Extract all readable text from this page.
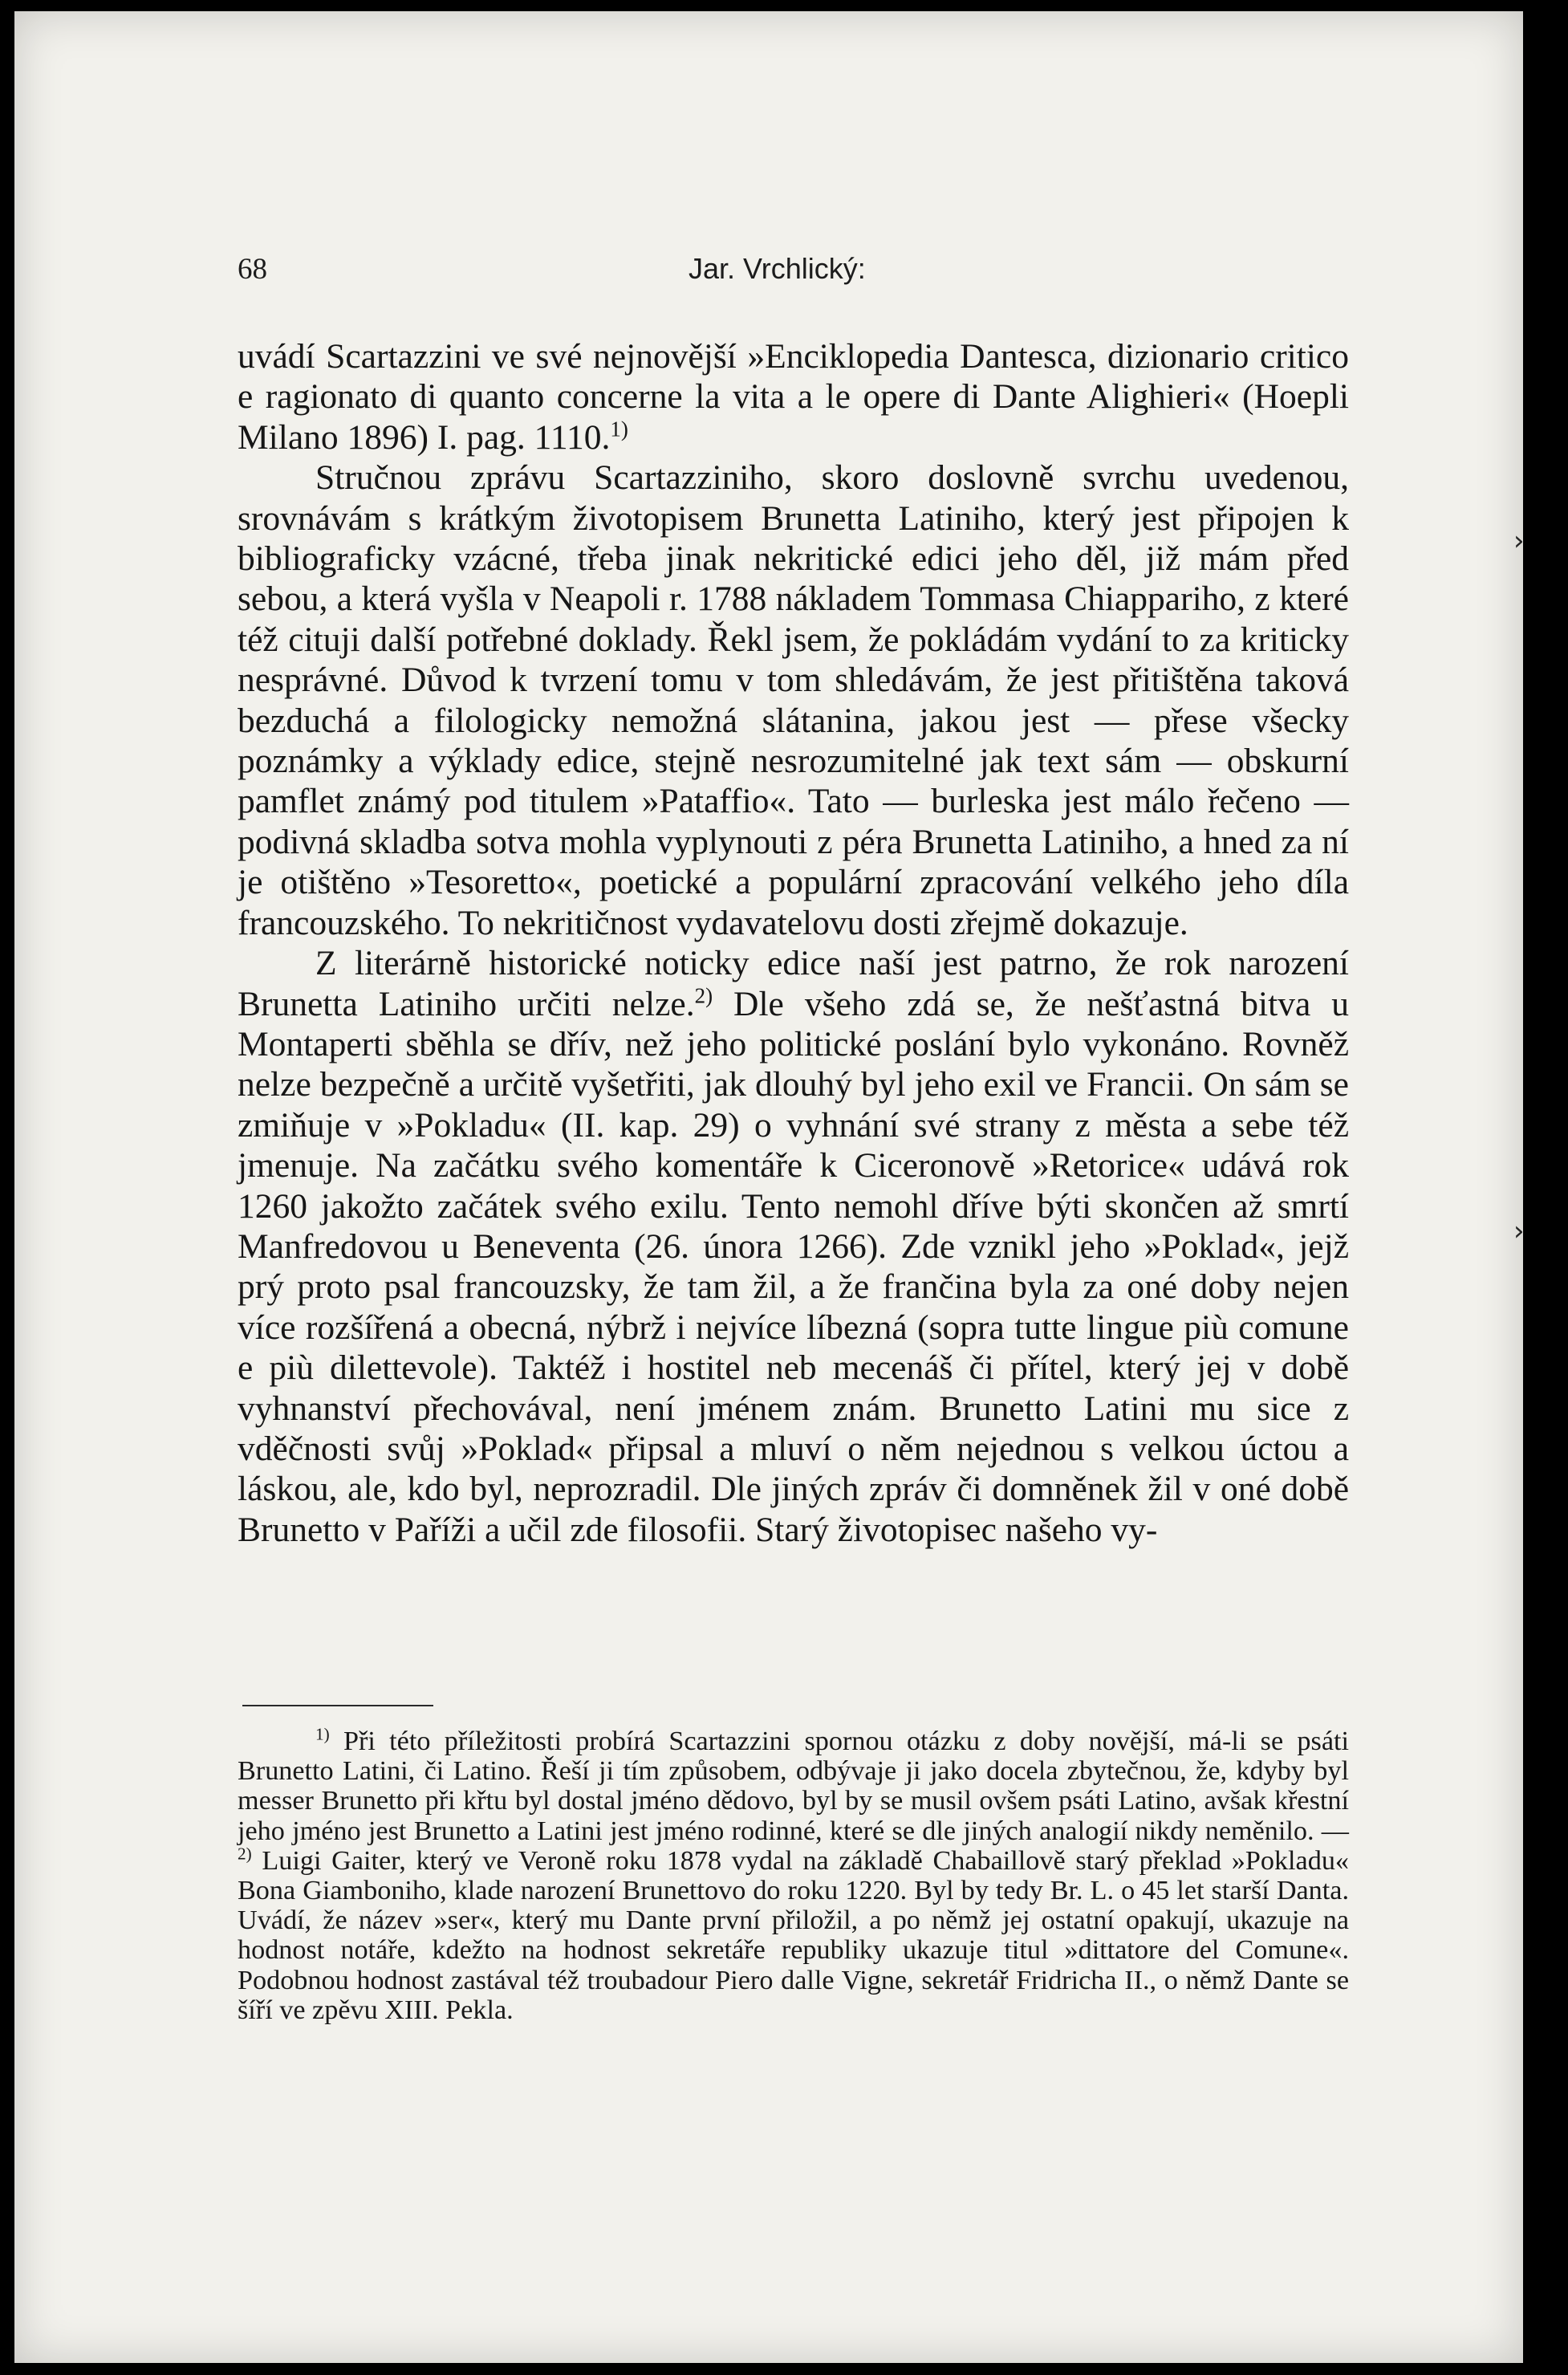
68	Jar. Vrchlický:

uvádí Scartazzini ve své nejnovější »Enciklopedia Dantesca, dizionario critico e ragionato di quanto concerne la vita a le opere di Dante Alighieri« (Hoepli Milano 1896) I. pag. 1110.$^{1)}$

Stručnou zprávu Scartazziniho, skoro doslovně svrchu uvedenou, srovnávám s krátkým životopisem Brunetta Latiniho, který jest připojen k bibliograficky vzácné, třeba jinak nekritické edici jeho děl, již mám před sebou, a která vyšla v Neapoli r. 1788 nákladem Tommasa Chiappariho, z které též cituji další potřebné doklady. Řekl jsem, že pokládám vydání to za kriticky nesprávné. Důvod k tvrzení tomu v tom shledávám, že jest přitištěna taková bezduchá a filologicky nemožná slátanina, jakou jest — přese všecky poznámky a výklady edice, stejně nesrozumitelné jak text sám — obskurní pamflet známý pod titulem »Pataffio«. Tato — burleska jest málo řečeno — podivná skladba sotva mohla vyplynouti z péra Brunetta Latiniho, a hned za ní je otištěno »Tesoretto«, poetické a populární zpracování velkého jeho díla francouzského. To nekritičnost vydavatelovu dosti zřejmě dokazuje.

Z literárně historické noticky edice naší jest patrno, že rok narození Brunetta Latiniho určiti nelze.$^{2)}$ Dle všeho zdá se, že nešťastná bitva u Montaperti sběhla se dřív, než jeho politické poslání bylo vykonáno. Rovněž nelze bezpečně a určitě vyšetřiti, jak dlouhý byl jeho exil ve Francii. On sám se zmiňuje v »Pokladu« (II. kap. 29) o vyhnání své strany z města a sebe též jmenuje. Na začátku svého komentáře k Ciceronově »Retorice« udává rok 1260 jakožto začátek svého exilu. Tento nemohl dříve býti skončen až smrtí Manfredovou u Beneventa (26. února 1266). Zde vznikl jeho »Poklad«, jejž prý proto psal francouzsky, že tam žil, a že frančina byla za oné doby nejen více rozšířená a obecná, nýbrž i nejvíce líbezná (sopra tutte lingue più comune e più dilettevole). Taktéž i hostitel neb mecenáš či přítel, který jej v době vyhnanství přechovával, není jménem znám. Brunetto Latini mu sice z vděčnosti svůj »Poklad« připsal a mluví o něm nejednou s velkou úctou a láskou, ale, kdo byl, neprozradil. Dle jiných zpráv či domněnek žil v oné době Brunetto v Paříži a učil zde filosofii. Starý životopisec našeho vy-

$^{1)}$ Při této příležitosti probírá Scartazzini spornou otázku z doby novější, má-li se psáti Brunetto Latini, či Latino. Řeší ji tím způsobem, odbývaje ji jako docela zbytečnou, že, kdyby byl messer Brunetto při křtu byl dostal jméno dědovo, byl by se musil ovšem psáti Latino, avšak křestní jeho jméno jest Brunetto a Latini jest jméno rodinné, které se dle jiných analogií nikdy neměnilo. — $^{2)}$ Luigi Gaiter, který ve Veroně roku 1878 vydal na základě Chabaillově starý překlad »Pokladu« Bona Giamboniho, klade narození Brunettovo do roku 1220. Byl by tedy Br. L. o 45 let starší Danta. Uvádí, že název »ser«, který mu Dante první přiložil, a po němž jej ostatní opakují, ukazuje na hodnost notáře, kdežto na hodnost sekretáře republiky ukazuje titul »dittatore del Comune«. Podobnou hodnost zastával též troubadour Piero dalle Vigne, sekretář Fridricha II., o němž Dante se šíří ve zpěvu XIII. Pekla.

›
›
